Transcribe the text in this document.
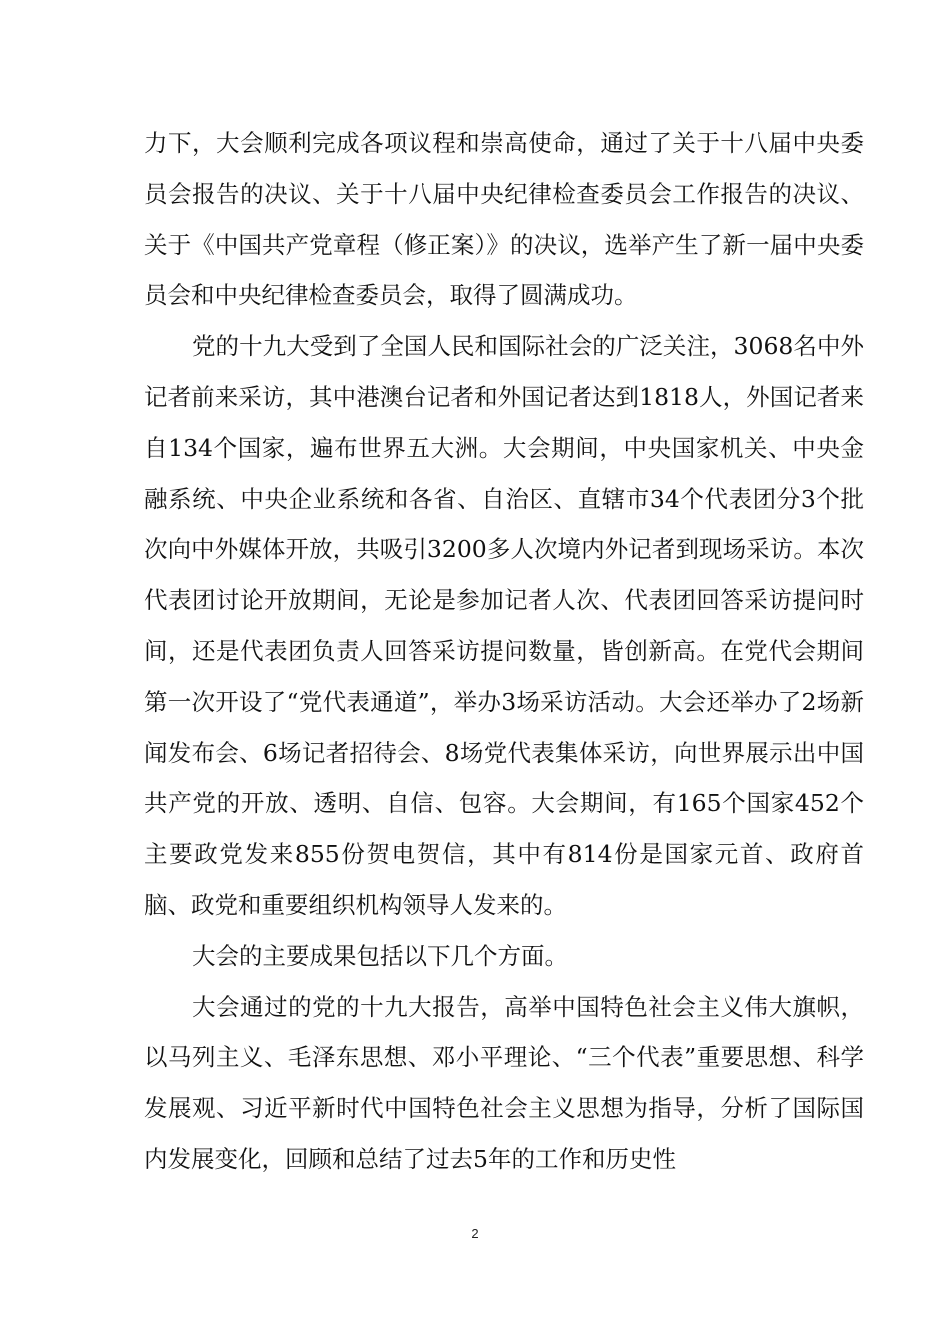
力下，大会顺利完成各项议程和崇高使命，通过了关于十八届中央委员会报告的决议、关于十八届中央纪律检查委员会工作报告的决议、关于《中国共产党章程（修正案）》的决议，选举产生了新一届中央委员会和中央纪律检查委员会，取得了圆满成功。

党的十九大受到了全国人民和国际社会的广泛关注，3068名中外记者前来采访，其中港澳台记者和外国记者达到1818人，外国记者来自134个国家，遍布世界五大洲。大会期间，中央国家机关、中央金融系统、中央企业系统和各省、自治区、直辖市34个代表团分3个批次向中外媒体开放，共吸引3200多人次境内外记者到现场采访。本次代表团讨论开放期间，无论是参加记者人次、代表团回答采访提问时间，还是代表团负责人回答采访提问数量，皆创新高。在党代会期间第一次开设了“党代表通道”，举办3场采访活动。大会还举办了2场新闻发布会、6场记者招待会、8场党代表集体采访，向世界展示出中国共产党的开放、透明、自信、包容。大会期间，有165个国家452个主要政党发来855份贺电贺信，其中有814份是国家元首、政府首脑、政党和重要组织机构领导人发来的。

大会的主要成果包括以下几个方面。

大会通过的党的十九大报告，高举中国特色社会主义伟大旗帜，以马列主义、毛泽东思想、邓小平理论、“三个代表”重要思想、科学发展观、习近平新时代中国特色社会主义思想为指导，分析了国际国内发展变化，回顾和总结了过去5年的工作和历史性

2
